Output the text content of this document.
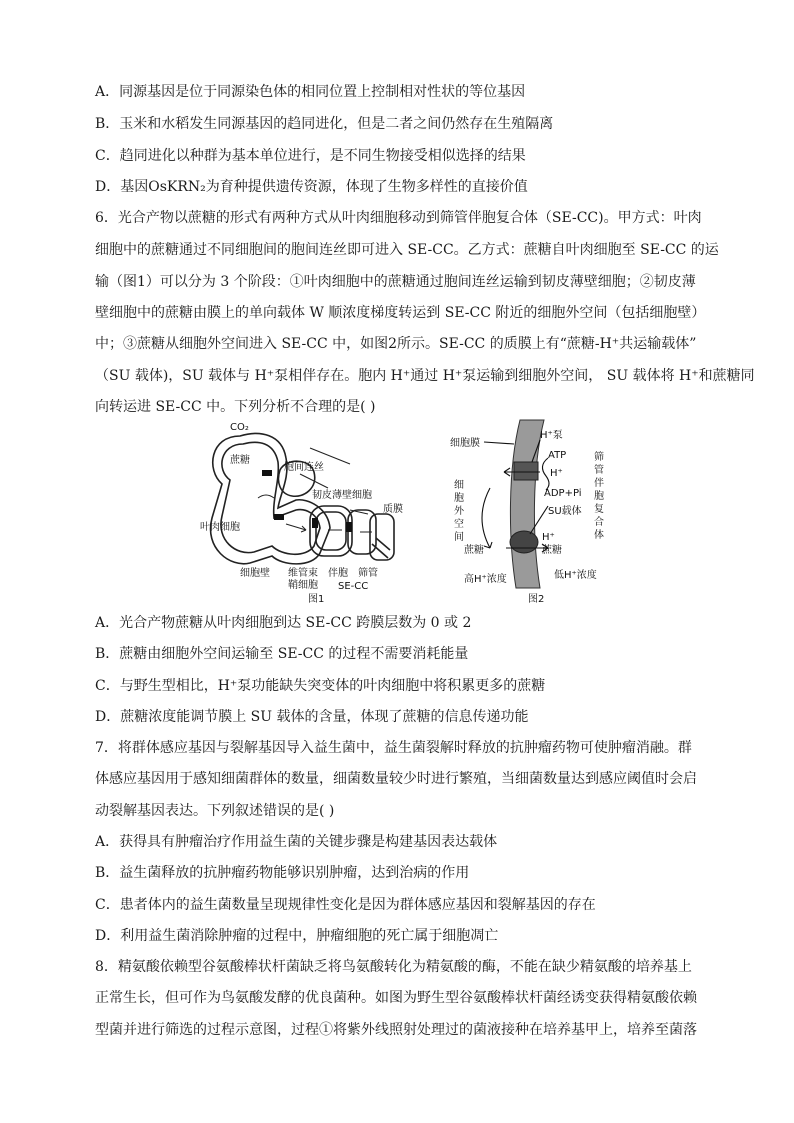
A．同源基因是位于同源染色体的相同位置上控制相对性状的等位基因
B．玉米和水稻发生同源基因的趋同进化，但是二者之间仍然存在生殖隔离
C．趋同进化以种群为基本单位进行，是不同生物接受相似选择的结果
D．基因OsKRN₂为育种提供遗传资源，体现了生物多样性的直接价值
6．光合产物以蔗糖的形式有两种方式从叶肉细胞移动到筛管伴胞复合体（SE-CC)。甲方式：叶肉
细胞中的蔗糖通过不同细胞间的胞间连丝即可进入 SE-CC。乙方式：蔗糖自叶肉细胞至 SE-CC 的运
输（图1）可以分为 3 个阶段：①叶肉细胞中的蔗糖通过胞间连丝运输到韧皮薄壁细胞；②韧皮薄
壁细胞中的蔗糖由膜上的单向载体 W 顺浓度梯度转运到 SE-CC 附近的细胞外空间（包括细胞壁）
中；③蔗糖从细胞外空间进入 SE-CC 中，如图2所示。SE-CC 的质膜上有“蔗糖-H⁺共运输载体”
（SU 载体)，SU 载体与 H⁺泵相伴存在。胞内 H⁺通过 H⁺泵运输到细胞外空间， SU 载体将 H⁺和蔗糖同
向转运进 SE-CC 中。下列分析不合理的是( )
CO₂
蔗糖
胞间连丝
韧皮薄壁细胞
质膜
叶肉细胞
细胞壁 维管束
鞘细胞
伴胞 筛管
SE-CC
图1
细胞膜
H⁺泵
ATP
H⁺
ADP+Pi
细
胞
外
空
间
SU载体
蔗糖
H⁺
蔗糖
筛
管
伴
胞
复
合
体
高H⁺浓度	低H⁺浓度
图2
A．光合产物蔗糖从叶肉细胞到达 SE-CC 跨膜层数为 0 或 2
B．蔗糖由细胞外空间运输至 SE-CC 的过程不需要消耗能量
C．与野生型相比，H⁺泵功能缺失突变体的叶肉细胞中将积累更多的蔗糖
D．蔗糖浓度能调节膜上 SU 载体的含量，体现了蔗糖的信息传递功能
7．将群体感应基因与裂解基因导入益生菌中，益生菌裂解时释放的抗肿瘤药物可使肿瘤消融。群
体感应基因用于感知细菌群体的数量，细菌数量较少时进行繁殖，当细菌数量达到感应阈值时会启
动裂解基因表达。下列叙述错误的是( )
A．获得具有肿瘤治疗作用益生菌的关键步骤是构建基因表达载体
B．益生菌释放的抗肿瘤药物能够识别肿瘤，达到治病的作用
C．患者体内的益生菌数量呈现规律性变化是因为群体感应基因和裂解基因的存在
D．利用益生菌消除肿瘤的过程中，肿瘤细胞的死亡属于细胞凋亡
8．精氨酸依赖型谷氨酸棒状杆菌缺乏将鸟氨酸转化为精氨酸的酶，不能在缺少精氨酸的培养基上
正常生长，但可作为鸟氨酸发酵的优良菌种。如图为野生型谷氨酸棒状杆菌经诱变获得精氨酸依赖
型菌并进行筛选的过程示意图，过程①将紫外线照射处理过的菌液接种在培养基甲上，培养至菌落
